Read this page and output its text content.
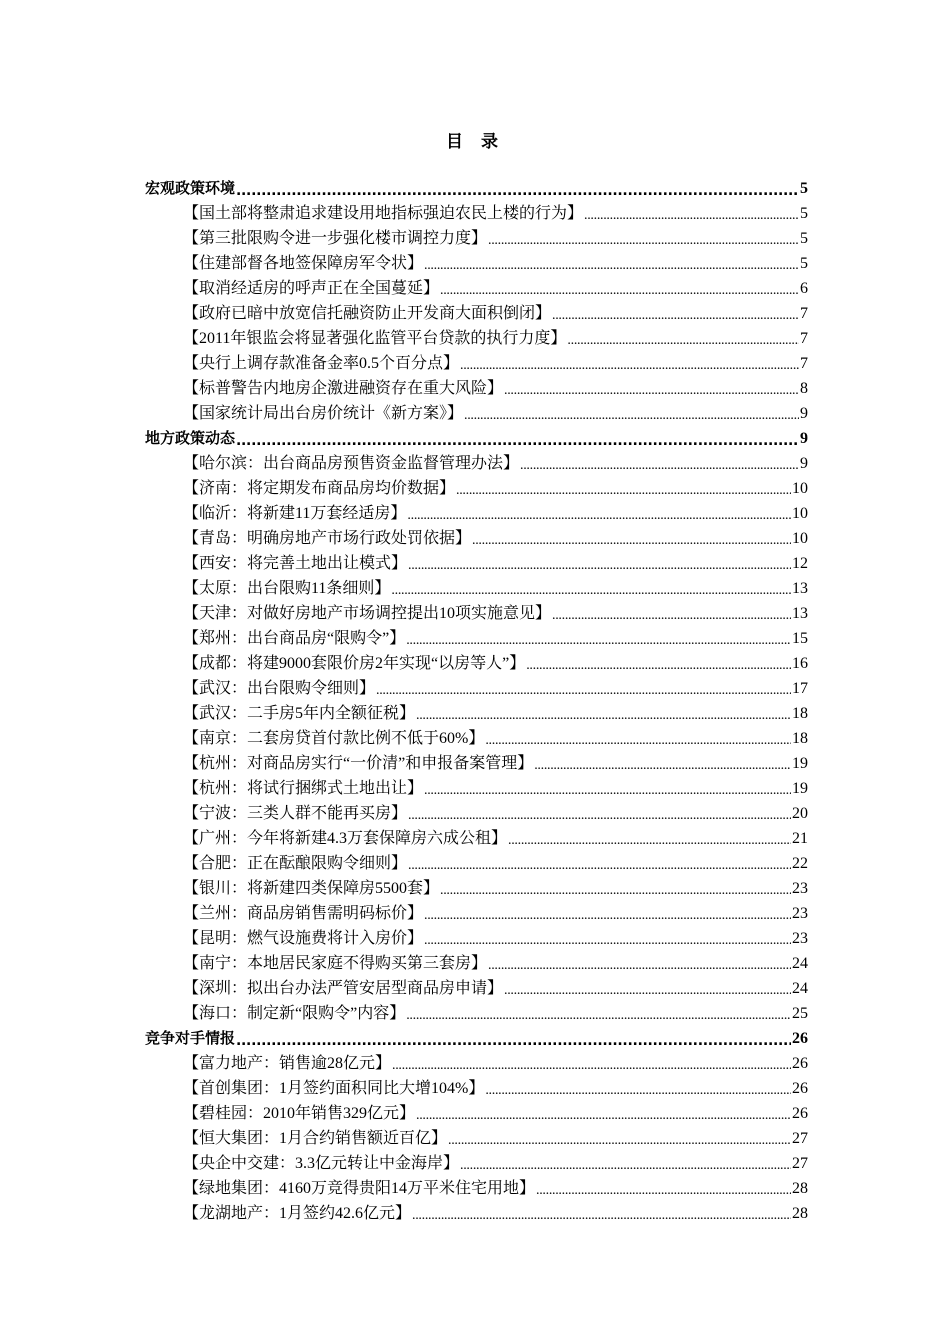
目 录
宏观政策环境 .....	5
【国土部将整肃追求建设用地指标强迫农民上楼的行为】 .....	5
【第三批限购令进一步强化楼市调控力度】 .....	5
【住建部督各地签保障房军令状】 .....	5
【取消经适房的呼声正在全国蔓延】 .....	6
【政府已暗中放宽信托融资防止开发商大面积倒闭】 .....	7
【2011年银监会将显著强化监管平台贷款的执行力度】 .....	7
【央行上调存款准备金率0.5个百分点】 .....	7
【标普警告内地房企激进融资存在重大风险】 .....	8
【国家统计局出台房价统计《新方案》】 .....	9
地方政策动态 .....	9
【哈尔滨：出台商品房预售资金监督管理办法】 .....	9
【济南：将定期发布商品房均价数据】 .....	10
【临沂：将新建11万套经适房】 .....	10
【青岛：明确房地产市场行政处罚依据】 .....	10
【西安：将完善土地出让模式】 .....	12
【太原：出台限购11条细则】 .....	13
【天津：对做好房地产市场调控提出10项实施意见】 .....	13
【郑州：出台商品房“限购令”】 .....	15
【成都：将建9000套限价房2年实现“以房等人”】 .....	16
【武汉：出台限购令细则】 .....	17
【武汉：二手房5年内全额征税】 .....	18
【南京：二套房贷首付款比例不低于60%】 .....	18
【杭州：对商品房实行“一价清”和申报备案管理】 .....	19
【杭州：将试行捆绑式土地出让】 .....	19
【宁波：三类人群不能再买房】 .....	20
【广州：今年将新建4.3万套保障房六成公租】 .....	21
【合肥：正在酝酿限购令细则】 .....	22
【银川：将新建四类保障房5500套】 .....	23
【兰州：商品房销售需明码标价】 .....	23
【昆明：燃气设施费将计入房价】 .....	23
【南宁：本地居民家庭不得购买第三套房】 .....	24
【深圳：拟出台办法严管安居型商品房申请】 .....	24
【海口：制定新“限购令”内容】 .....	25
竞争对手情报 .....	26
【富力地产：销售逾28亿元】 .....	26
【首创集团：1月签约面积同比大增104%】 .....	26
【碧桂园：2010年销售329亿元】 .....	26
【恒大集团：1月合约销售额近百亿】 .....	27
【央企中交建：3.3亿元转让中金海岸】 .....	27
【绿地集团：4160万竞得贵阳14万平米住宅用地】 .....	28
【龙湖地产：1月签约42.6亿元】 .....	28
